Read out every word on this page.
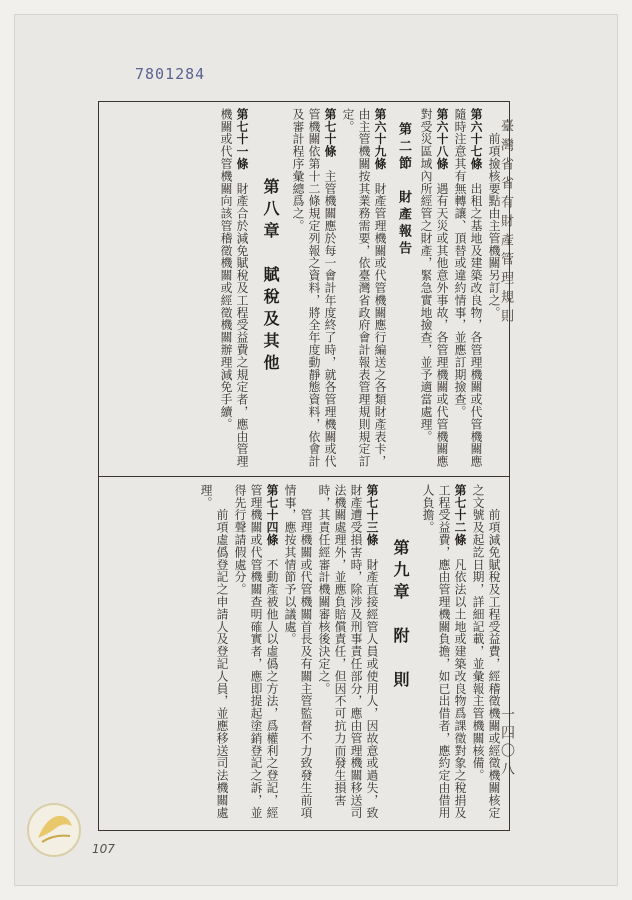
7801284
臺灣省省有財產管理規則
一四〇八
　　前項撿核要點由主管機關另訂之。
第六十七條　出租之基地及建築改良物，各管理機關或代管機關應隨時注意其有無轉讓、頂替或違約情事，並應訂期撿查。
第六十八條　遇有天災或其他意外事故，各管理機關或代管機關應對受災區域內所經管之財產，緊急實地撿查，並予適當處理。
第二節　財產報告
第六十九條　財產管理機關或代管機關應行編送之各類財產表卡，由主管機關按其業務需要，依臺灣省政府會計報表管理規則規定訂定。
第七十條　主管機關應於每一會計年度終了時，就各管理機關或代管機關依第十二條規定列報之資料，將全年度動靜態資料，依會計及審計程序彙總爲之。
第八章　賦稅及其他
第七十一條　財產合於減免賦稅及工程受益費之規定者，應由管理機關或代管機關向該管稽徵機關或經徵機關辦理減免手續。
　　前項減免賦稅及工程受益費，經稽徵機關或經徵機關核定之文號及起訖日期，詳細記載，並彙報主管機關核備。
第七十二條　凡依法以土地或建築改良物爲課徵對象之稅捐及工程受益費，應由管理機關負擔，如已出借者，應約定由借用人負擔。
第九章　附　則
第七十三條　財產直接經管人員或使用人，因故意或過失，致財產遭受損害時，除涉及刑事責任部分，應由管理機關移送司法機關處理外，並應負賠償責任，但因不可抗力而發生損害時，其責任經審計機關審核後決定之。
　　管理機關或代管機關首長及有關主管監督不力致發生前項情事，應按其情節予以議處。
第七十四條　不動產被他人以虛僞之方法，爲權利之登記，經管理機關或代管機關查明確實者，應即提起塗銷登記之訴，並得先行聲請假處分。
　　前項虛僞登記之申請人及登記人員，並應移送司法機關處理。
107
